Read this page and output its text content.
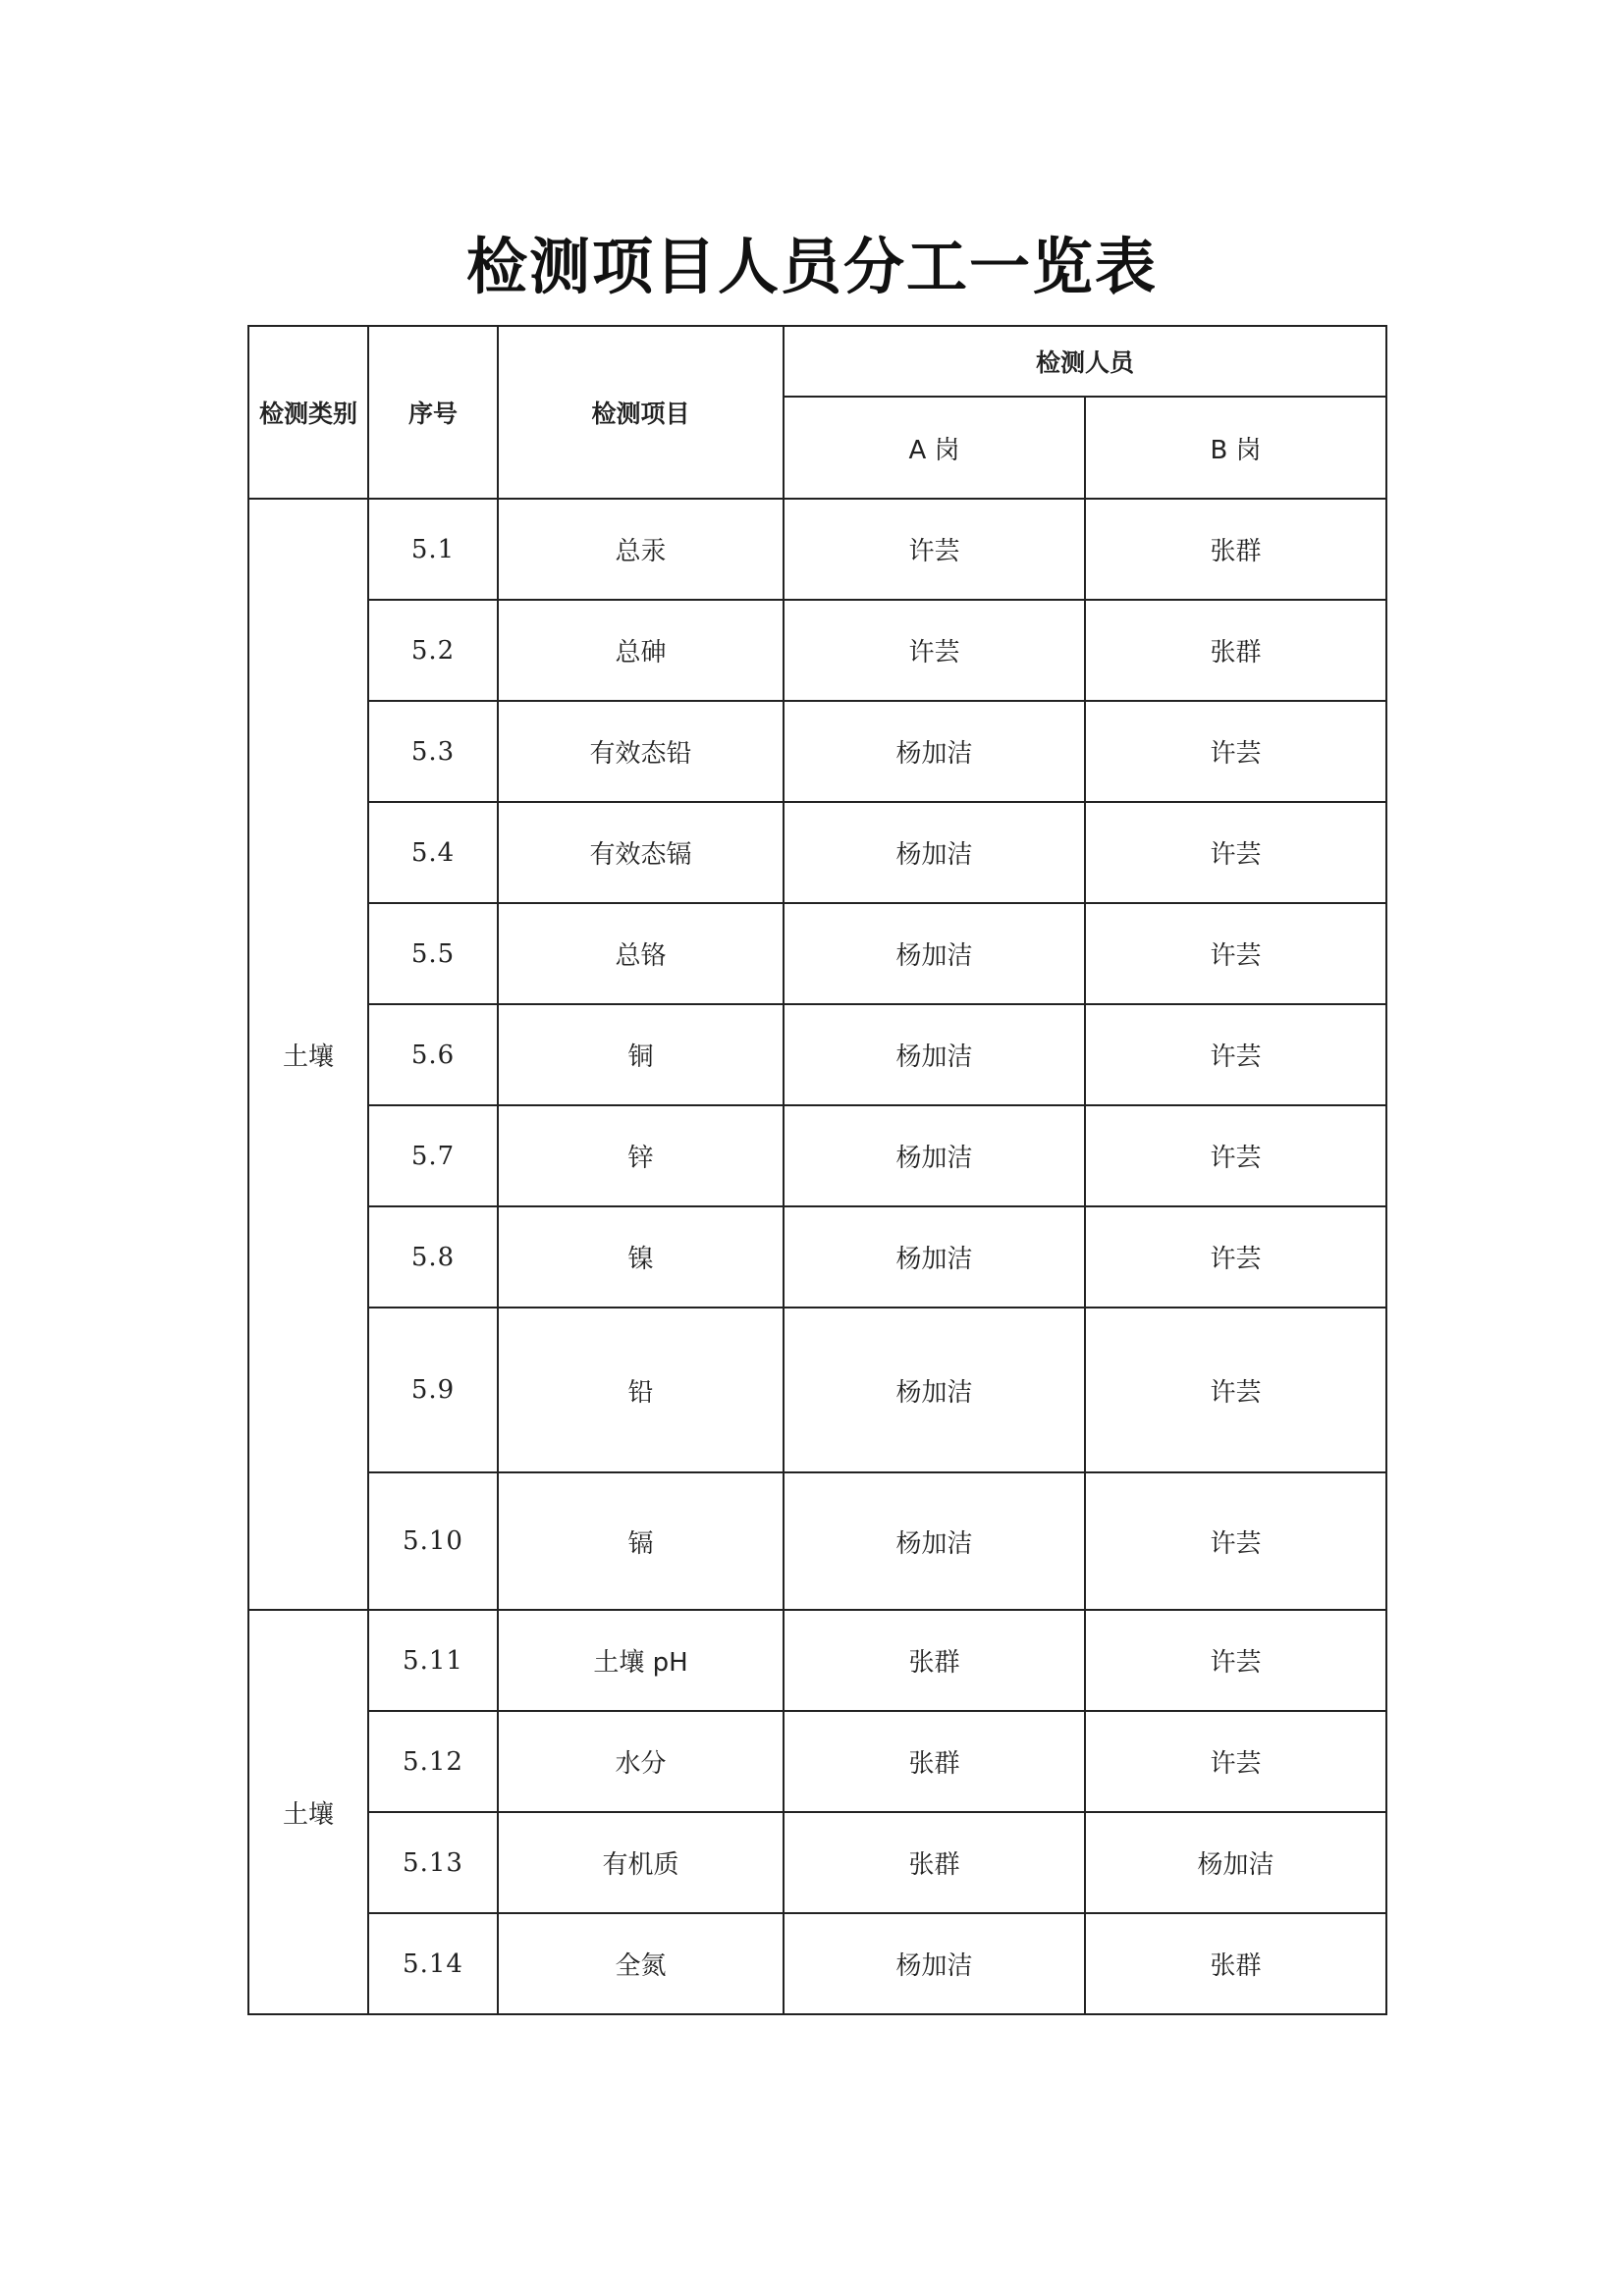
检测项目人员分工一览表
检测类别	序号	检测项目	检测人员	
			A 岗	B 岗
土壤	5.1	总汞	许芸	张群
	5.2	总砷	许芸	张群
	5.3	有效态铅	杨加洁	许芸
	5.4	有效态镉	杨加洁	许芸
	5.5	总铬	杨加洁	许芸
	5.6	铜	杨加洁	许芸
	5.7	锌	杨加洁	许芸
	5.8	镍	杨加洁	许芸
	5.9	铅	杨加洁	许芸
	5.10	镉	杨加洁	许芸
土壤	5.11	土壤 pH	张群	许芸
	5.12	水分	张群	许芸
	5.13	有机质	张群	杨加洁
	5.14	全氮	杨加洁	张群
